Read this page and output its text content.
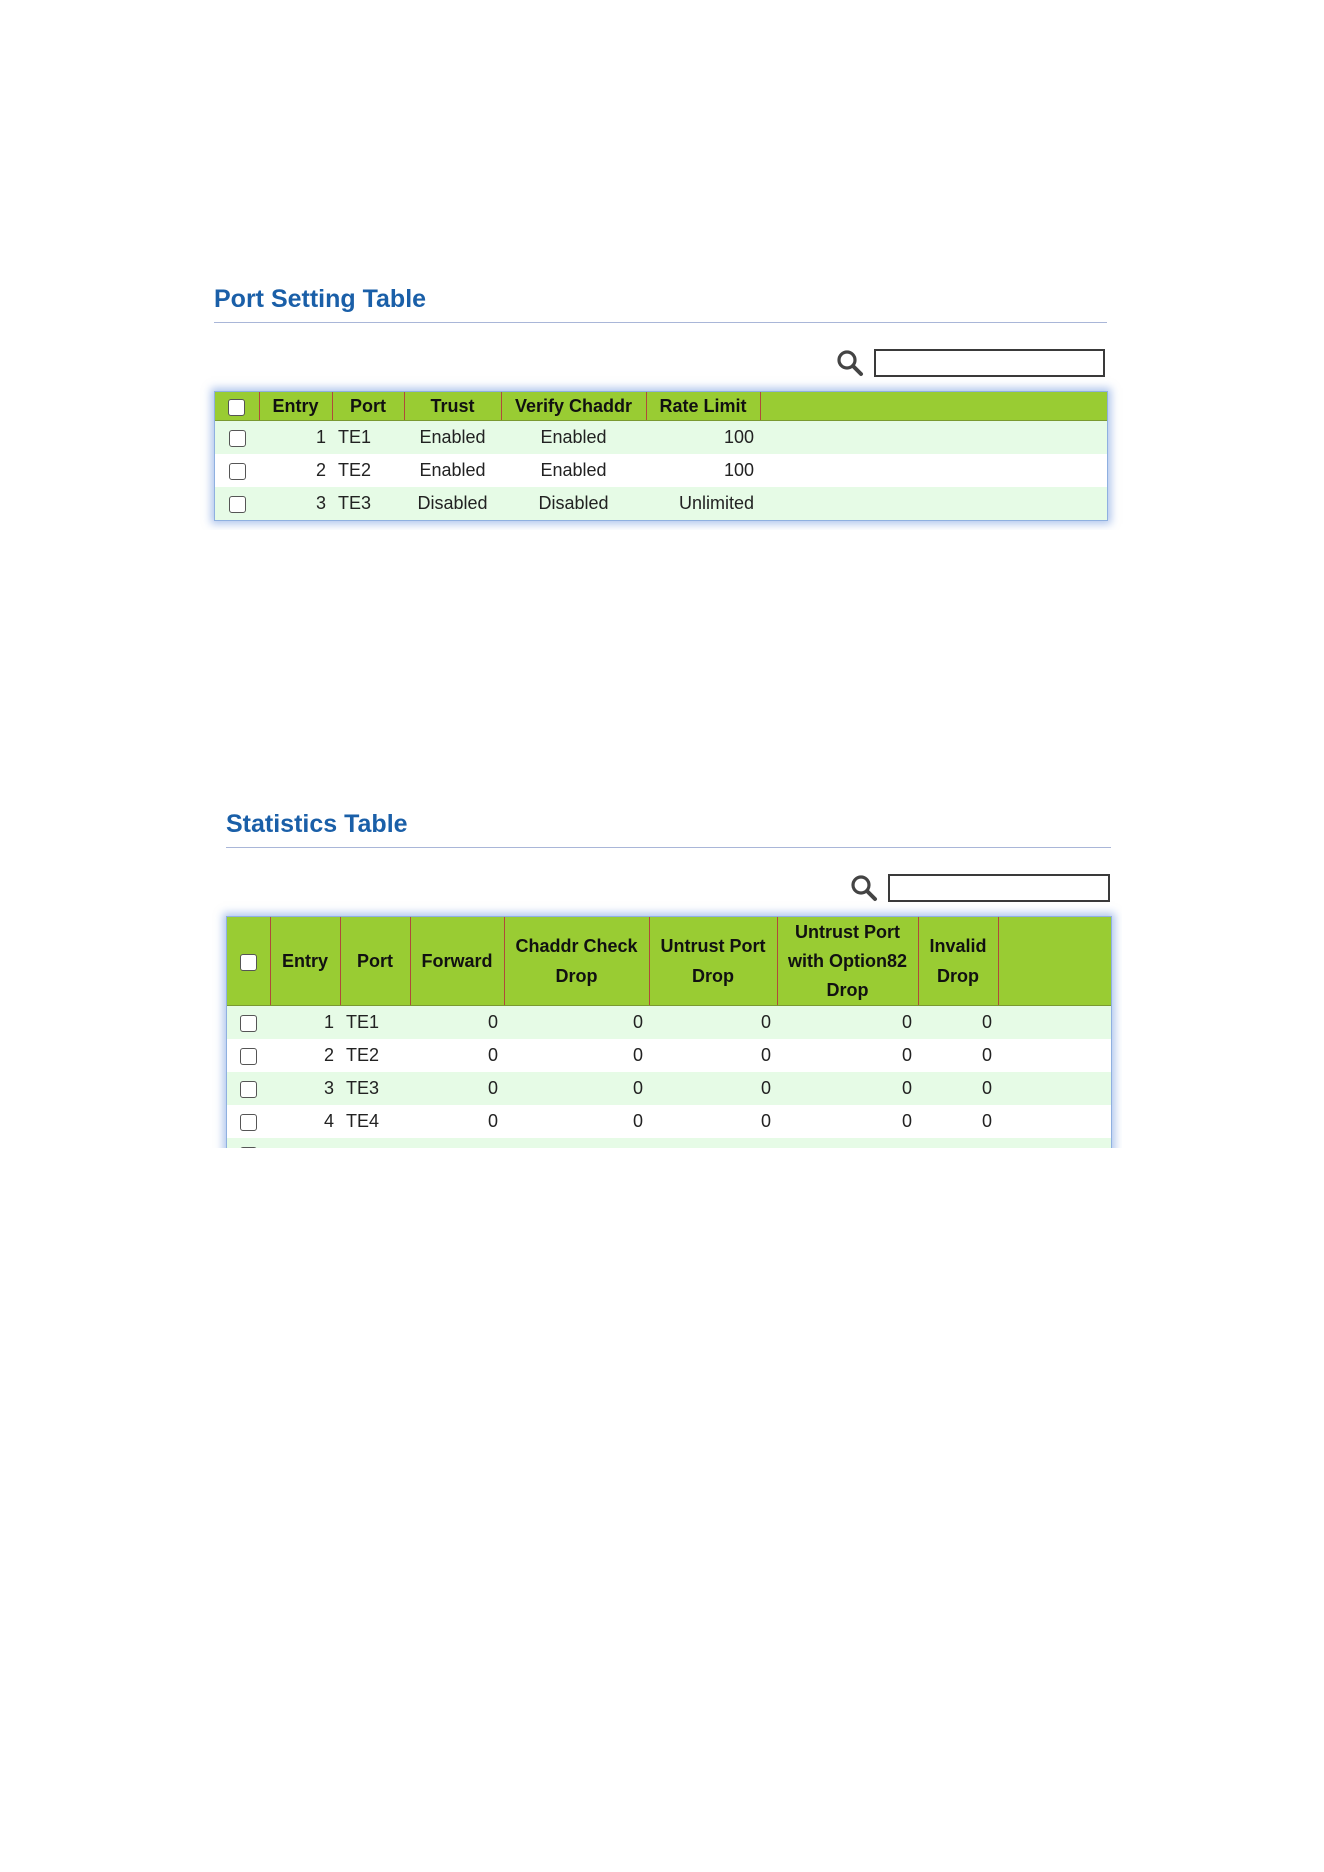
Port Setting Table
	Entry	Port	Trust	Verify Chaddr	Rate Limit	
	1	TE1	Enabled	Enabled	100	
	2	TE2	Enabled	Enabled	100	
	3	TE3	Disabled	Disabled	Unlimited	
Statistics Table
	Entry	Port	Forward	Chaddr Check Drop	Untrust Port Drop	Untrust Port with Option82 Drop	Invalid Drop	
	1	TE1	0	0	0	0	0	
	2	TE2	0	0	0	0	0	
	3	TE3	0	0	0	0	0	
	4	TE4	0	0	0	0	0	
